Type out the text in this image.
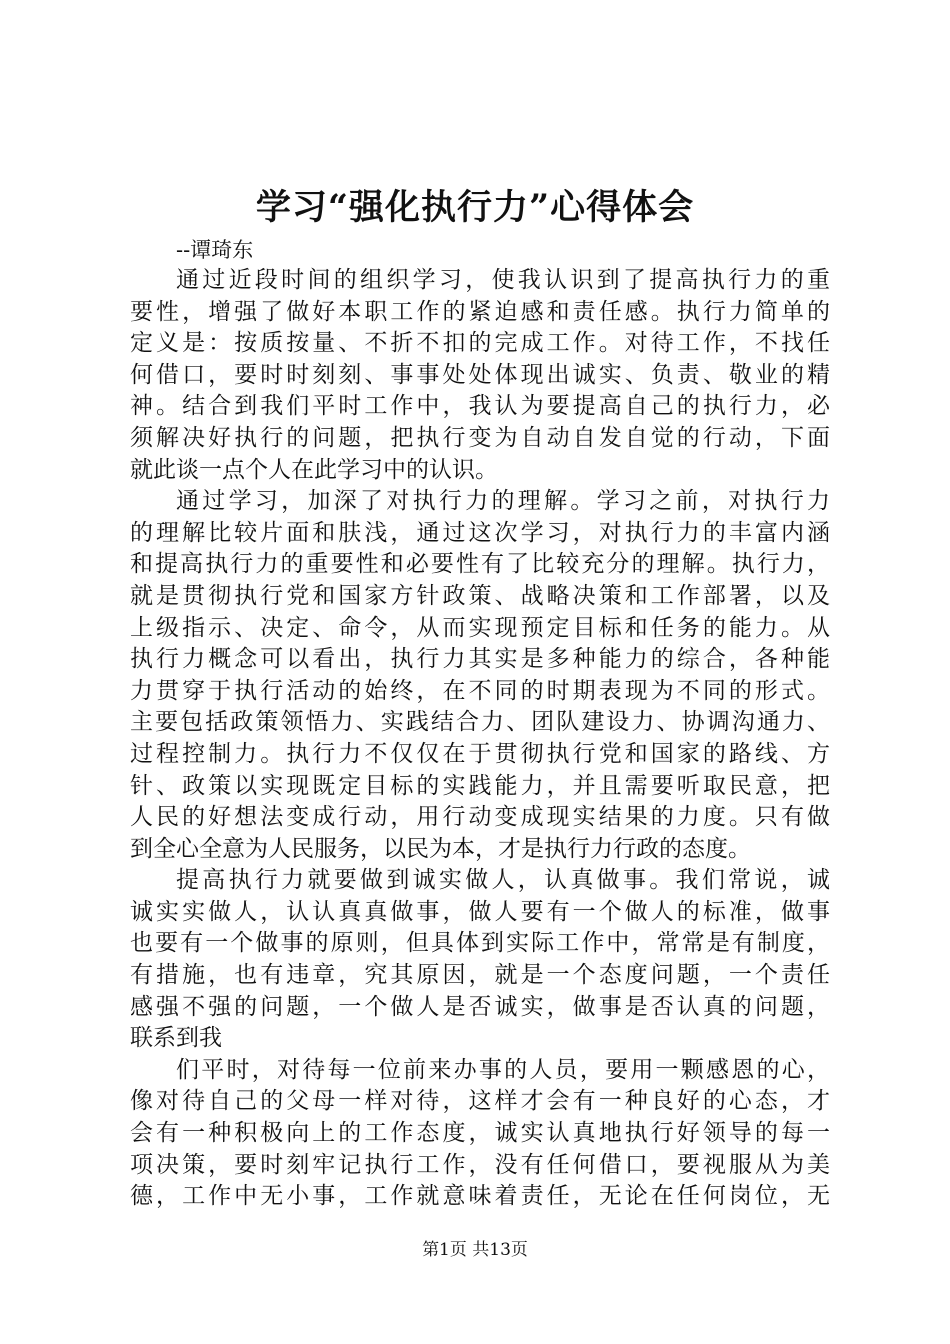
学习“强化执行力”心得体会

--谭琦东

通过近段时间的组织学习，使我认识到了提高执行力的重

要性，增强了做好本职工作的紧迫感和责任感。执行力简单的

定义是：按质按量、不折不扣的完成工作。对待工作，不找任

何借口，要时时刻刻、事事处处体现出诚实、负责、敬业的精

神。结合到我们平时工作中，我认为要提高自己的执行力，必

须解决好执行的问题，把执行变为自动自发自觉的行动，下面

就此谈一点个人在此学习中的认识。

通过学习，加深了对执行力的理解。学习之前，对执行力

的理解比较片面和肤浅，通过这次学习，对执行力的丰富内涵

和提高执行力的重要性和必要性有了比较充分的理解。执行力，

就是贯彻执行党和国家方针政策、战略决策和工作部署，以及

上级指示、决定、命令，从而实现预定目标和任务的能力。从

执行力概念可以看出，执行力其实是多种能力的综合，各种能

力贯穿于执行活动的始终，在不同的时期表现为不同的形式。

主要包括政策领悟力、实践结合力、团队建设力、协调沟通力、

过程控制力。执行力不仅仅在于贯彻执行党和国家的路线、方

针、政策以实现既定目标的实践能力，并且需要听取民意，把

人民的好想法变成行动，用行动变成现实结果的力度。只有做

到全心全意为人民服务，以民为本，才是执行力行政的态度。

提高执行力就要做到诚实做人，认真做事。我们常说，诚

诚实实做人，认认真真做事，做人要有一个做人的标准，做事

也要有一个做事的原则，但具体到实际工作中，常常是有制度，

有措施，也有违章，究其原因，就是一个态度问题，一个责任

感强不强的问题，一个做人是否诚实，做事是否认真的问题，

联系到我

们平时，对待每一位前来办事的人员，要用一颗感恩的心，

像对待自己的父母一样对待，这样才会有一种良好的心态，才

会有一种积极向上的工作态度，诚实认真地执行好领导的每一

项决策，要时刻牢记执行工作，没有任何借口，要视服从为美

德，工作中无小事，工作就意味着责任，无论在任何岗位，无

第1页 共13页
